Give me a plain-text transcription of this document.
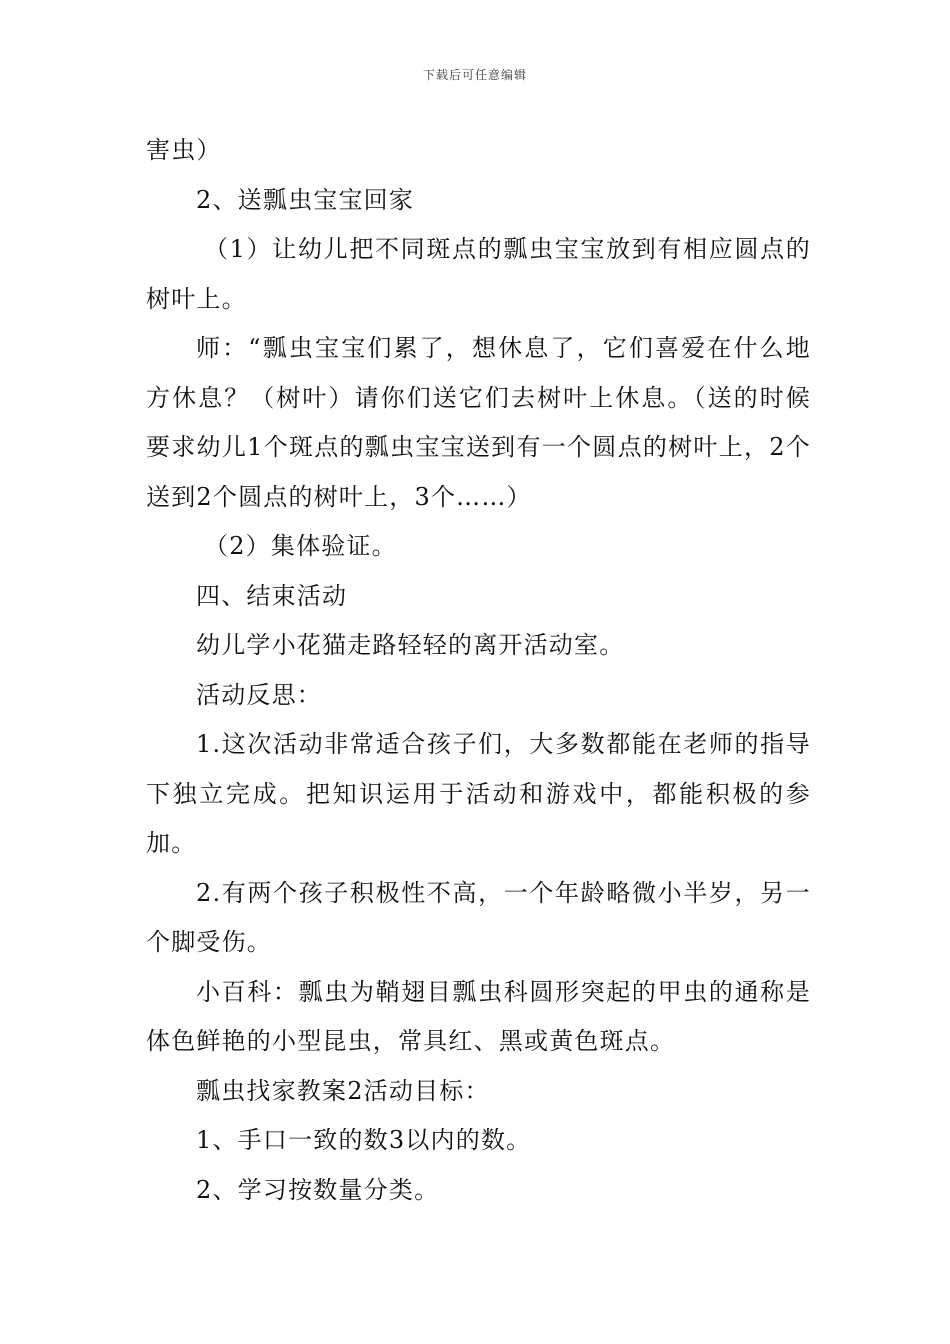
下载后可任意编辑

害虫）

2、送瓢虫宝宝回家

（1）让幼儿把不同斑点的瓢虫宝宝放到有相应圆点的树叶上。

师：“瓢虫宝宝们累了，想休息了，它们喜爱在什么地方休息？（树叶）请你们送它们去树叶上休息。（送的时候要求幼儿1个斑点的瓢虫宝宝送到有一个圆点的树叶上，2个送到2个圆点的树叶上，3个……）

（2）集体验证。

四、结束活动

幼儿学小花猫走路轻轻的离开活动室。

活动反思：

1.这次活动非常适合孩子们，大多数都能在老师的指导下独立完成。把知识运用于活动和游戏中，都能积极的参加。

2.有两个孩子积极性不高，一个年龄略微小半岁，另一个脚受伤。

小百科：瓢虫为鞘翅目瓢虫科圆形突起的甲虫的通称是体色鲜艳的小型昆虫，常具红、黑或黄色斑点。

瓢虫找家教案2活动目标：

1、手口一致的数3以内的数。

2、学习按数量分类。
